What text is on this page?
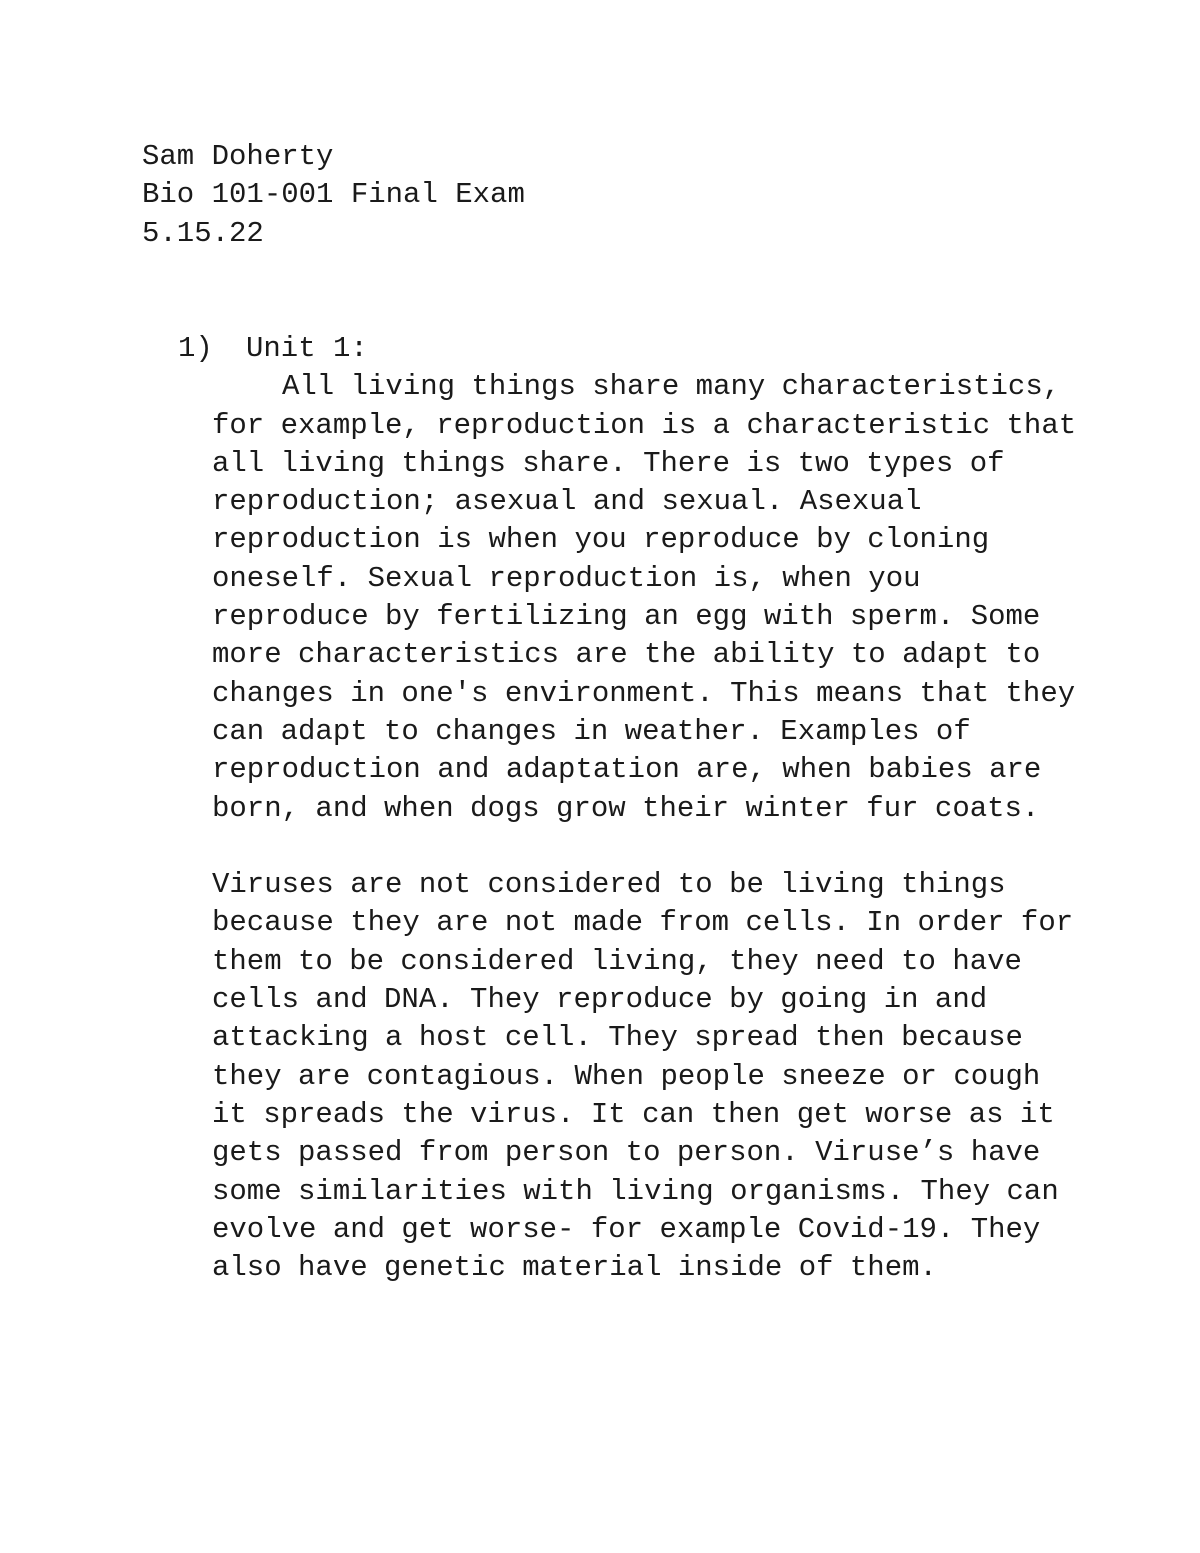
Sam Doherty
Bio 101-001 Final Exam
5.15.22
1) Unit 1:

All living things share many characteristics, for example, reproduction is a characteristic that all living things share. There is two types of reproduction; asexual and sexual. Asexual reproduction is when you reproduce by cloning oneself. Sexual reproduction is, when you reproduce by fertilizing an egg with sperm. Some more characteristics are the ability to adapt to changes in one's environment. This means that they can adapt to changes in weather. Examples of reproduction and adaptation are, when babies are born, and when dogs grow their winter fur coats.

Viruses are not considered to be living things because they are not made from cells. In order for them to be considered living, they need to have cells and DNA. They reproduce by going in and attacking a host cell. They spread then because they are contagious. When people sneeze or cough it spreads the virus. It can then get worse as it gets passed from person to person. Viruse’s have some similarities with living organisms. They can evolve and get worse- for example Covid-19. They also have genetic material inside of them.
